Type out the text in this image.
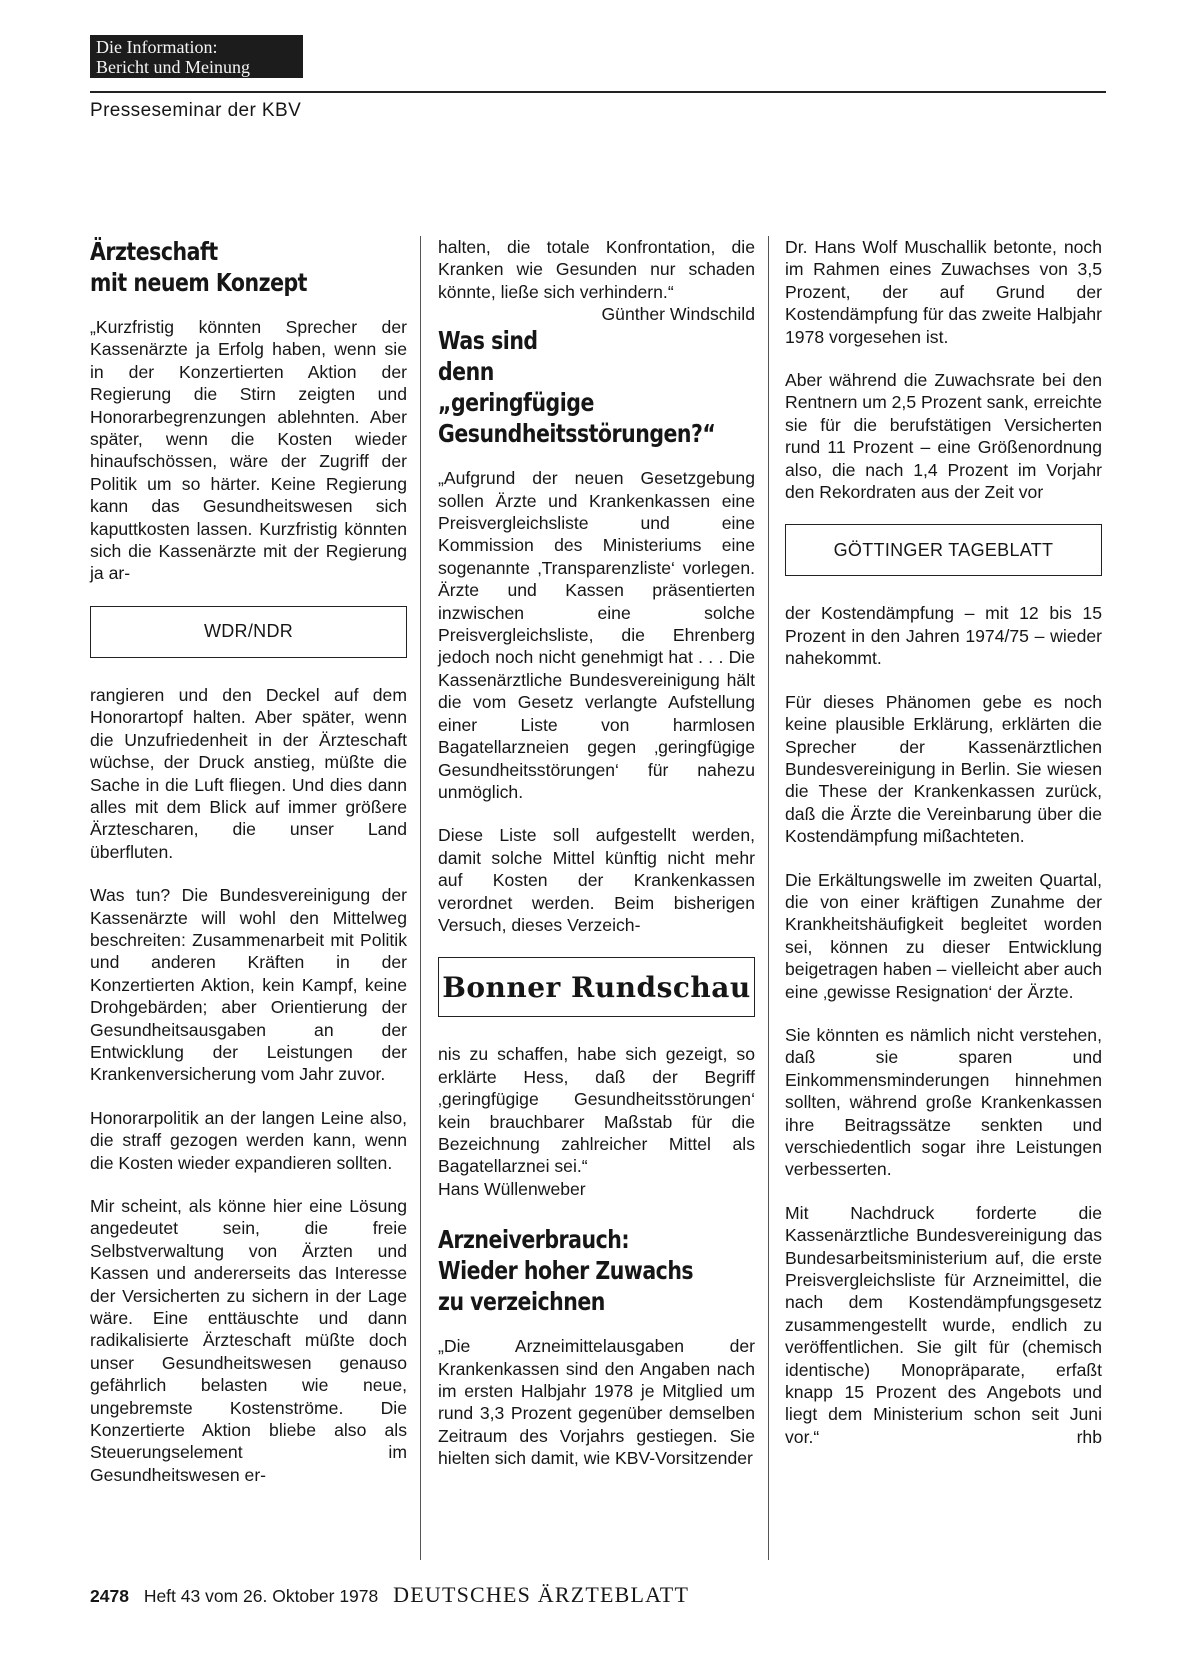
Die Information:
Bericht und Meinung
Presseseminar der KBV
Ärzteschaft
mit neuem Konzept

„Kurzfristig könnten Sprecher der Kassenärzte ja Erfolg haben, wenn sie in der Konzertierten Aktion der Regierung die Stirn zeigten und Honorarbegrenzungen ablehnten. Aber später, wenn die Kosten wieder hinaufschössen, wäre der Zugriff der Politik um so härter. Keine Regierung kann das Gesundheitswesen sich kaputtkosten lassen. Kurzfristig könnten sich die Kassenärzte mit der Regierung ja ar-

WDR/NDR

rangieren und den Deckel auf dem Honorartopf halten. Aber später, wenn die Unzufriedenheit in der Ärzteschaft wüchse, der Druck anstieg, müßte die Sache in die Luft fliegen. Und dies dann alles mit dem Blick auf immer größere Ärztescharen, die unser Land überfluten.

Was tun? Die Bundesvereinigung der Kassenärzte will wohl den Mittelweg beschreiten: Zusammenarbeit mit Politik und anderen Kräften in der Konzertierten Aktion, kein Kampf, keine Drohgebärden; aber Orientierung der Gesundheitsausgaben an der Entwicklung der Leistungen der Krankenversicherung vom Jahr zuvor.

Honorarpolitik an der langen Leine also, die straff gezogen werden kann, wenn die Kosten wieder expandieren sollten.

Mir scheint, als könne hier eine Lösung angedeutet sein, die freie Selbstverwaltung von Ärzten und Kassen und andererseits das Interesse der Versicherten zu sichern in der Lage wäre. Eine enttäuschte und dann radikalisierte Ärzteschaft müßte doch unser Gesundheitswesen genauso gefährlich belasten wie neue, ungebremste Kostenströme. Die Konzertierte Aktion bliebe also als Steuerungselement im Gesundheitswesen er-

halten, die totale Konfrontation, die Kranken wie Gesunden nur schaden könnte, ließe sich verhindern.“
Günther Windschild

Was sind denn
„geringfügige
Gesundheitsstörungen?“

„Aufgrund der neuen Gesetzgebung sollen Ärzte und Krankenkassen eine Preisvergleichsliste und eine Kommission des Ministeriums eine sogenannte ‚Transparenzliste‘ vorlegen. Ärzte und Kassen präsentierten inzwischen eine solche Preisvergleichsliste, die Ehrenberg jedoch noch nicht genehmigt hat . . . Die Kassenärztliche Bundesvereinigung hält die vom Gesetz verlangte Aufstellung einer Liste von harmlosen Bagatellarzneien gegen ‚geringfügige Gesundheitsstörungen‘ für nahezu unmöglich.

Diese Liste soll aufgestellt werden, damit solche Mittel künftig nicht mehr auf Kosten der Krankenkassen verordnet werden. Beim bisherigen Versuch, dieses Verzeich-

Bonner Rundschau

nis zu schaffen, habe sich gezeigt, so erklärte Hess, daß der Begriff ‚geringfügige Gesundheitsstörungen‘ kein brauchbarer Maßstab für die Bezeichnung zahlreicher Mittel als Bagatellarznei sei.“

Hans Wüllenweber

Arzneiverbrauch:
Wieder hoher Zuwachs
zu verzeichnen

„Die Arzneimittelausgaben der Krankenkassen sind den Angaben nach im ersten Halbjahr 1978 je Mitglied um rund 3,3 Prozent gegenüber demselben Zeitraum des Vorjahrs gestiegen. Sie hielten sich damit, wie KBV-Vorsitzender

Dr. Hans Wolf Muschallik betonte, noch im Rahmen eines Zuwachses von 3,5 Prozent, der auf Grund der Kostendämpfung für das zweite Halbjahr 1978 vorgesehen ist.

Aber während die Zuwachsrate bei den Rentnern um 2,5 Prozent sank, erreichte sie für die berufstätigen Versicherten rund 11 Prozent – eine Größenordnung also, die nach 1,4 Prozent im Vorjahr den Rekordraten aus der Zeit vor

GÖTTINGER TAGEBLATT

der Kostendämpfung – mit 12 bis 15 Prozent in den Jahren 1974/75 – wieder nahekommt.

Für dieses Phänomen gebe es noch keine plausible Erklärung, erklärten die Sprecher der Kassenärztlichen Bundesvereinigung in Berlin. Sie wiesen die These der Krankenkassen zurück, daß die Ärzte die Vereinbarung über die Kostendämpfung mißachteten.

Die Erkältungswelle im zweiten Quartal, die von einer kräftigen Zunahme der Krankheitshäufigkeit begleitet worden sei, können zu dieser Entwicklung beigetragen haben – vielleicht aber auch eine ‚gewisse Resignation‘ der Ärzte.

Sie könnten es nämlich nicht verstehen, daß sie sparen und Einkommensminderungen hinnehmen sollten, während große Krankenkassen ihre Beitragssätze senkten und verschiedentlich sogar ihre Leistungen verbesserten.

Mit Nachdruck forderte die Kassenärztliche Bundesvereinigung das Bundesarbeitsministerium auf, die erste Preisvergleichsliste für Arzneimittel, die nach dem Kostendämpfungsgesetz zusammengestellt wurde, endlich zu veröffentlichen. Sie gilt für (chemisch identische) Monopräparate, erfaßt knapp 15 Prozent des Angebots und liegt dem Ministerium schon seit Juni vor.“	rhb

2478 Heft 43 vom 26. Oktober 1978 DEUTSCHES ÄRZTEBLATT
